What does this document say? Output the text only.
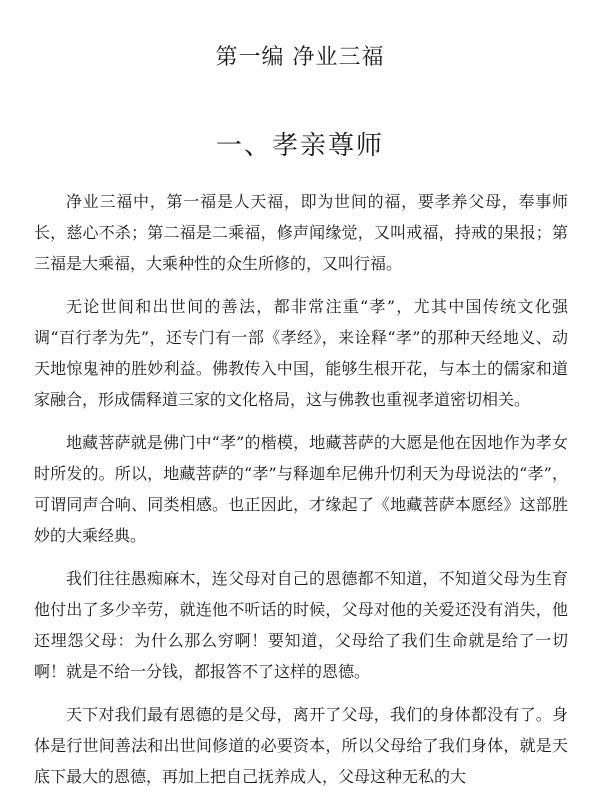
第一编 净业三福
一、孝亲尊师

净业三福中，第一福是人天福，即为世间的福，要孝养父母，奉事师长，慈心不杀；第二福是二乘福，修声闻缘觉，又叫戒福，持戒的果报；第三福是大乘福，大乘种性的众生所修的，又叫行福。

无论世间和出世间的善法，都非常注重“孝”，尤其中国传统文化强调“百行孝为先”，还专门有一部《孝经》，来诠释“孝”的那种天经地义、动天地惊鬼神的胜妙利益。佛教传入中国，能够生根开花，与本土的儒家和道家融合，形成儒释道三家的文化格局，这与佛教也重视孝道密切相关。

地藏菩萨就是佛门中“孝”的楷模，地藏菩萨的大愿是他在因地作为孝女时所发的。所以，地藏菩萨的“孝”与释迦牟尼佛升忉利天为母说法的“孝”，可谓同声合响、同类相感。也正因此，才缘起了《地藏菩萨本愿经》这部胜妙的大乘经典。

我们往往愚痴麻木，连父母对自己的恩德都不知道，不知道父母为生育他付出了多少辛劳，就连他不听话的时候，父母对他的关爱还没有消失，他还埋怨父母：为什么那么穷啊！要知道，父母给了我们生命就是给了一切啊！就是不给一分钱，都报答不了这样的恩德。

天下对我们最有恩德的是父母，离开了父母，我们的身体都没有了。身体是行世间善法和出世间修道的必要资本，所以父母给了我们身体，就是天底下最大的恩德，再加上把自己抚养成人，父母这种无私的大
